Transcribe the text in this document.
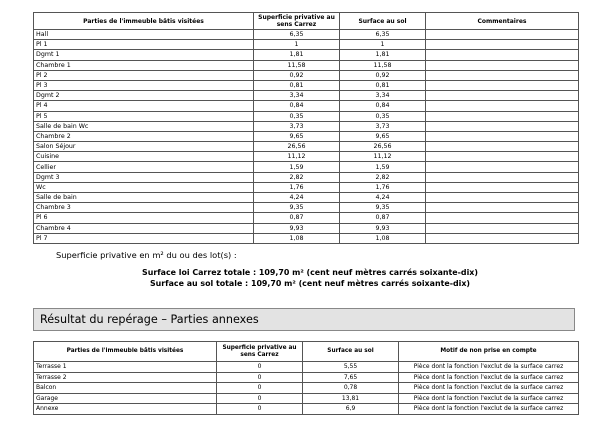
Parties de l'immeuble bâtis visitées	Superficie privative au sens Carrez	Surface au sol	Commentaires
Hall	6,35	6,35	
Pl 1	1	1	
Dgmt 1	1,81	1,81	
Chambre 1	11,58	11,58	
Pl 2	0,92	0,92	
Pl 3	0,81	0,81	
Dgmt 2	3,34	3,34	
Pl 4	0,84	0,84	
Pl 5	0,35	0,35	
Salle de bain Wc	3,73	3,73	
Chambre 2	9,65	9,65	
Salon Séjour	26,56	26,56	
Cuisine	11,12	11,12	
Cellier	1,59	1,59	
Dgmt 3	2,82	2,82	
Wc	1,76	1,76	
Salle de bain	4,24	4,24	
Chambre 3	9,35	9,35	
Pl 6	0,87	0,87	
Chambre 4	9,93	9,93	
Pl 7	1,08	1,08	
Superficie privative en m² du ou des lot(s) :
Surface loi Carrez totale : 109,70 m² (cent neuf mètres carrés soixante-dix)
Surface au sol totale : 109,70 m² (cent neuf mètres carrés soixante-dix)
Résultat du repérage – Parties annexes
Parties de l'immeuble bâtis visitées	Superficie privative au sens Carrez	Surface au sol	Motif de non prise en compte
Terrasse 1	0	5,55	Pièce dont la fonction l'exclut de la surface carrez
Terrasse 2	0	7,65	Pièce dont la fonction l'exclut de la surface carrez
Balcon	0	0,78	Pièce dont la fonction l'exclut de la surface carrez
Garage	0	13,81	Pièce dont la fonction l'exclut de la surface carrez
Annexe	0	6,9	Pièce dont la fonction l'exclut de la surface carrez
